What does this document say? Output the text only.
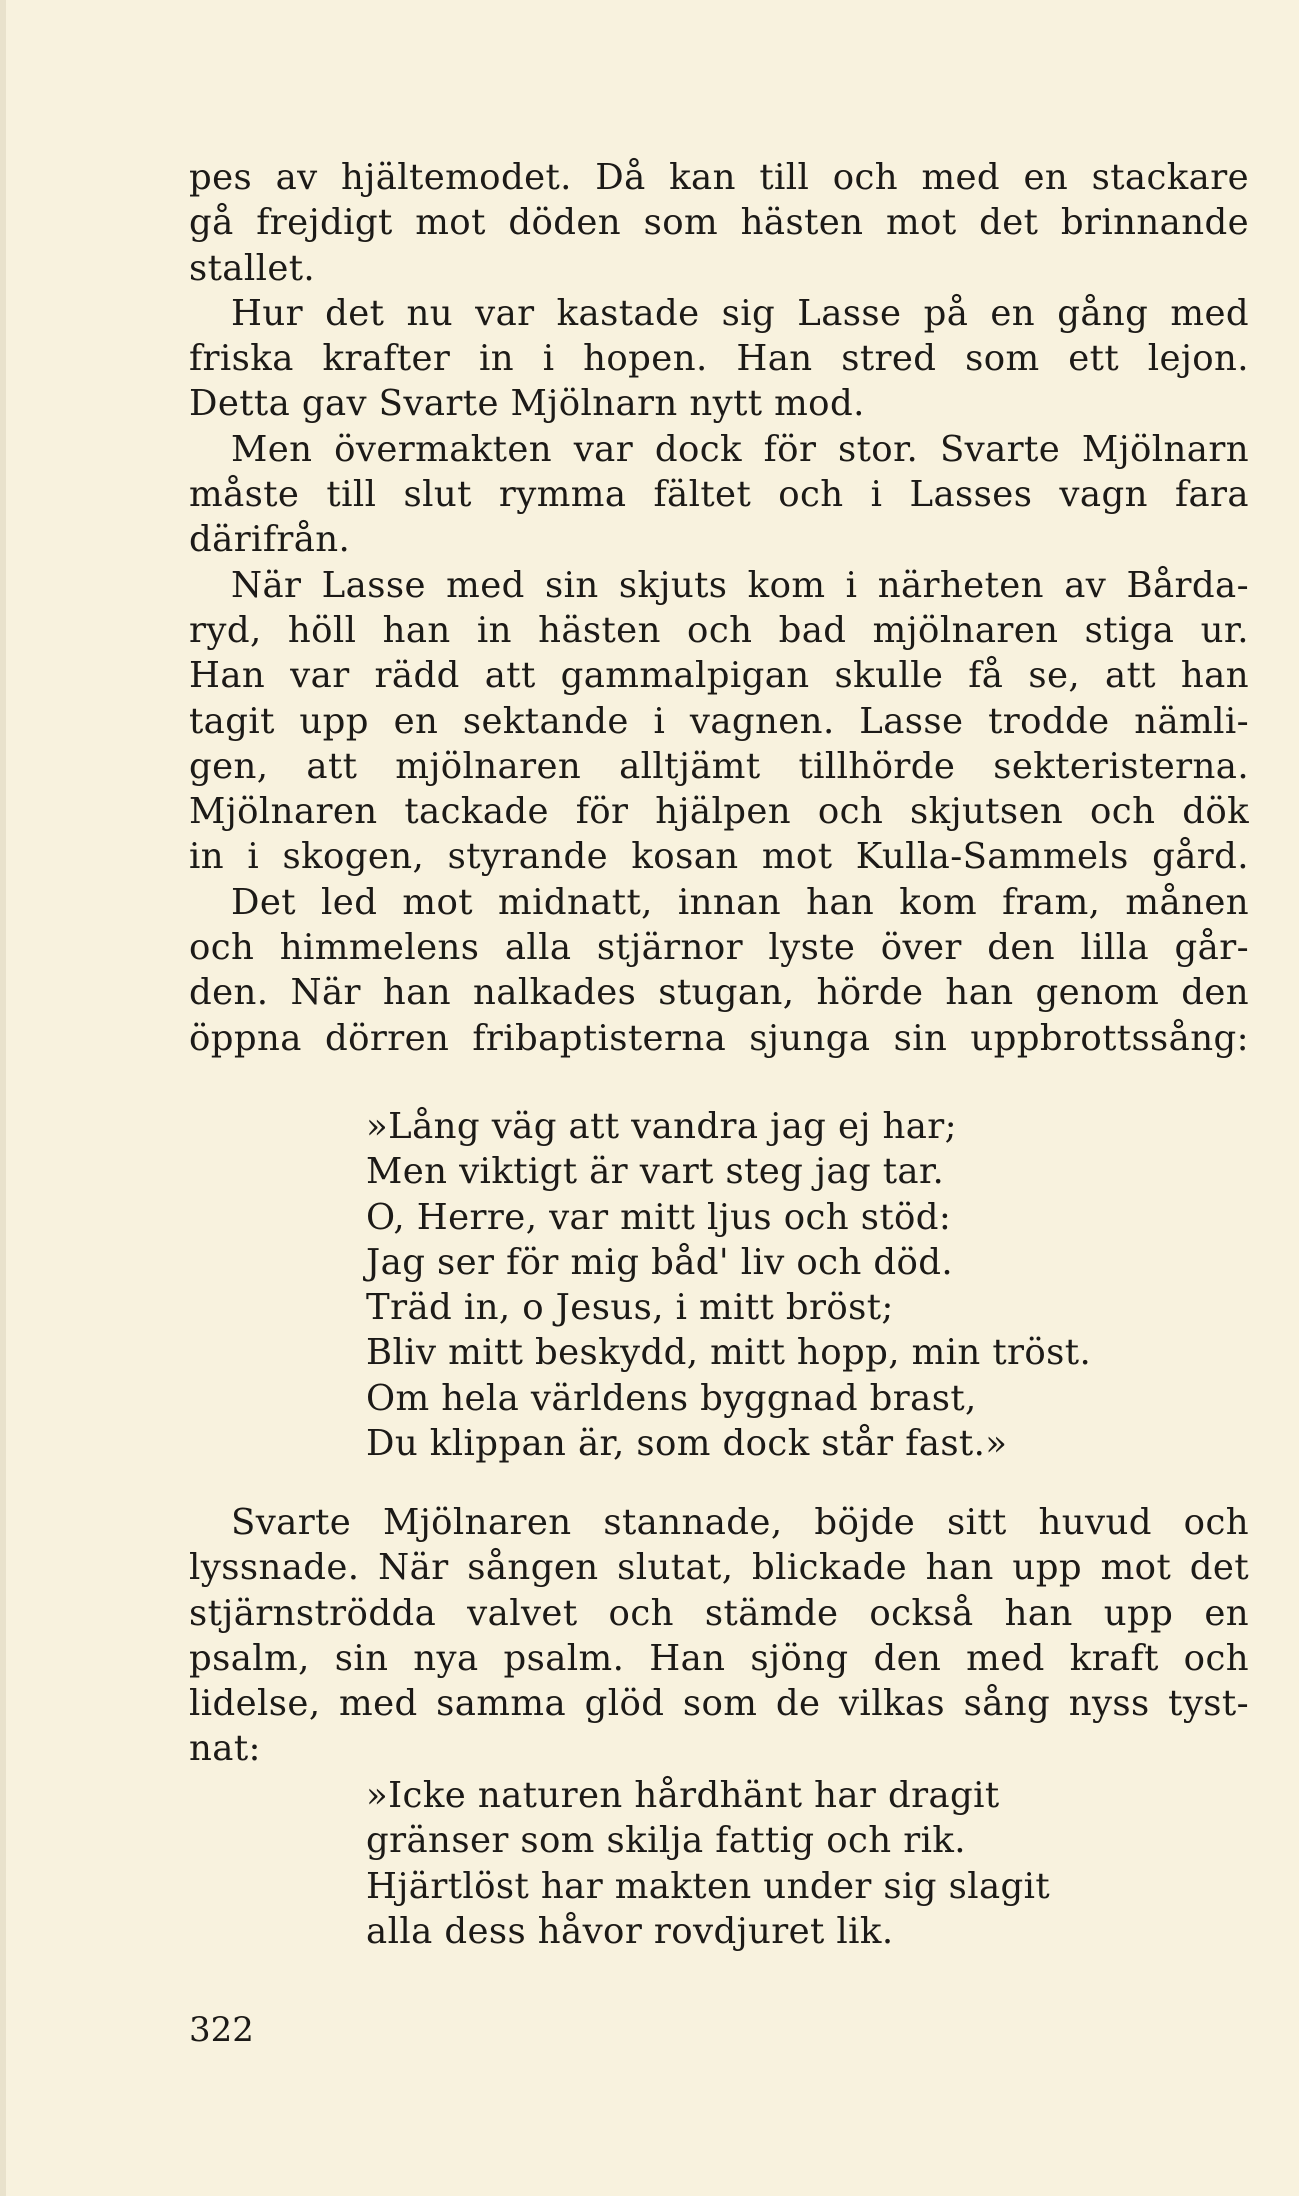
pes av hjältemodet. Då kan till och med en stackare
gå frejdigt mot döden som hästen mot det brinnande
stallet.
Hur det nu var kastade sig Lasse på en gång med
friska krafter in i hopen. Han stred som ett lejon.
Detta gav Svarte Mjölnarn nytt mod.
Men övermakten var dock för stor. Svarte Mjölnarn
måste till slut rymma fältet och i Lasses vagn fara
därifrån.
När Lasse med sin skjuts kom i närheten av Bårda-
ryd, höll han in hästen och bad mjölnaren stiga ur.
Han var rädd att gammalpigan skulle få se, att han
tagit upp en sektande i vagnen. Lasse trodde nämli-
gen, att mjölnaren alltjämt tillhörde sekteristerna.
Mjölnaren tackade för hjälpen och skjutsen och dök
in i skogen, styrande kosan mot Kulla-Sammels gård.
Det led mot midnatt, innan han kom fram, månen
och himmelens alla stjärnor lyste över den lilla går-
den. När han nalkades stugan, hörde han genom den
öppna dörren fribaptisterna sjunga sin uppbrottssång:
»Lång väg att vandra jag ej har;
Men viktigt är vart steg jag tar.
O, Herre, var mitt ljus och stöd:
Jag ser för mig båd' liv och död.
Träd in, o Jesus, i mitt bröst;
Bliv mitt beskydd, mitt hopp, min tröst.
Om hela världens byggnad brast,
Du klippan är, som dock står fast.»
Svarte Mjölnaren stannade, böjde sitt huvud och
lyssnade. När sången slutat, blickade han upp mot det
stjärnströdda valvet och stämde också han upp en
psalm, sin nya psalm. Han sjöng den med kraft och
lidelse, med samma glöd som de vilkas sång nyss tyst-
nat:
»Icke naturen hårdhänt har dragit
gränser som skilja fattig och rik.
Hjärtlöst har makten under sig slagit
alla dess håvor rovdjuret lik.
322
